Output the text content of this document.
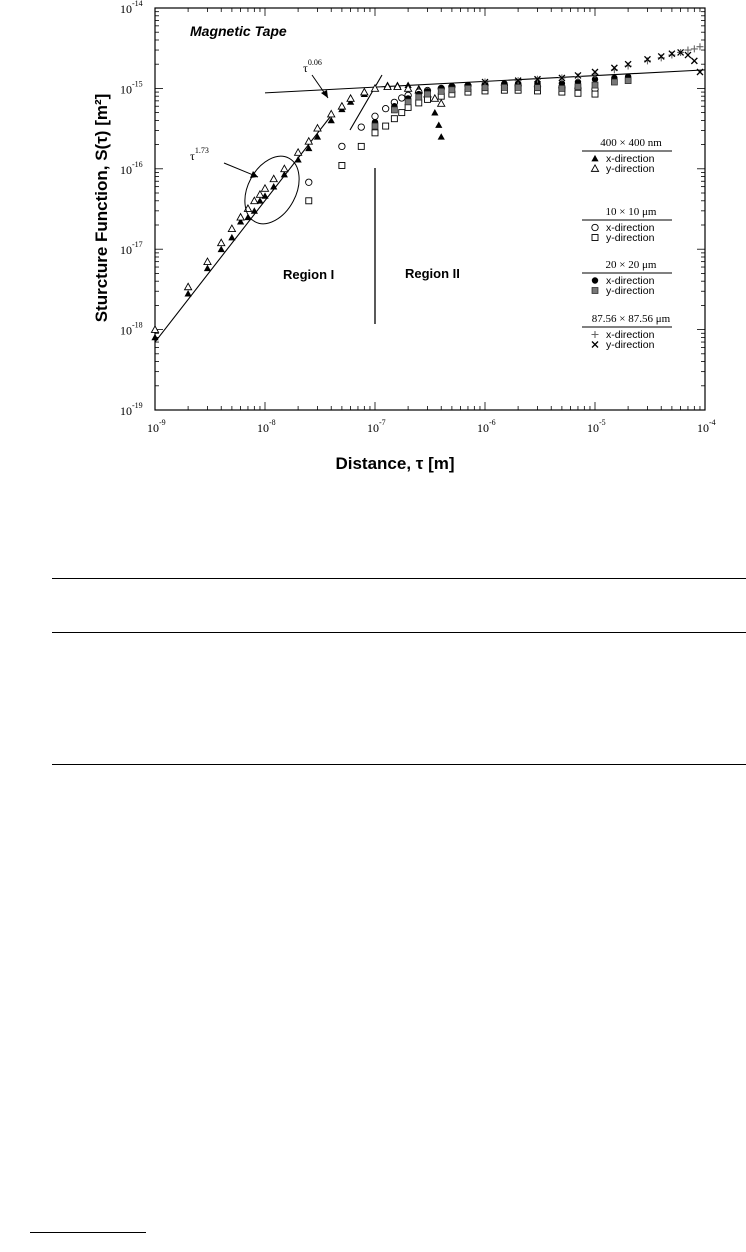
$10^{-9}$	$10^{-8}$	$10^{-7}$	$10^{-6}$	$10^{-5}$	$10^{-4}$
$10^{-19}$
$10^{-18}$
$10^{-17}$
$10^{-16}$
$10^{-15}$
$10^{-14}$
Magnetic Tape
$\tau^{1.73}$
$\tau^{0.06}$
Region I	Region II
400 × 400 nm
x-direction
y-direction
10 × 10 μm
x-direction
y-direction
20 × 20 μm
x-direction
y-direction
87.56 × 87.56 μm
x-direction
y-direction
Distance, τ [m]
Sturcture Function, S(τ) [m²]
